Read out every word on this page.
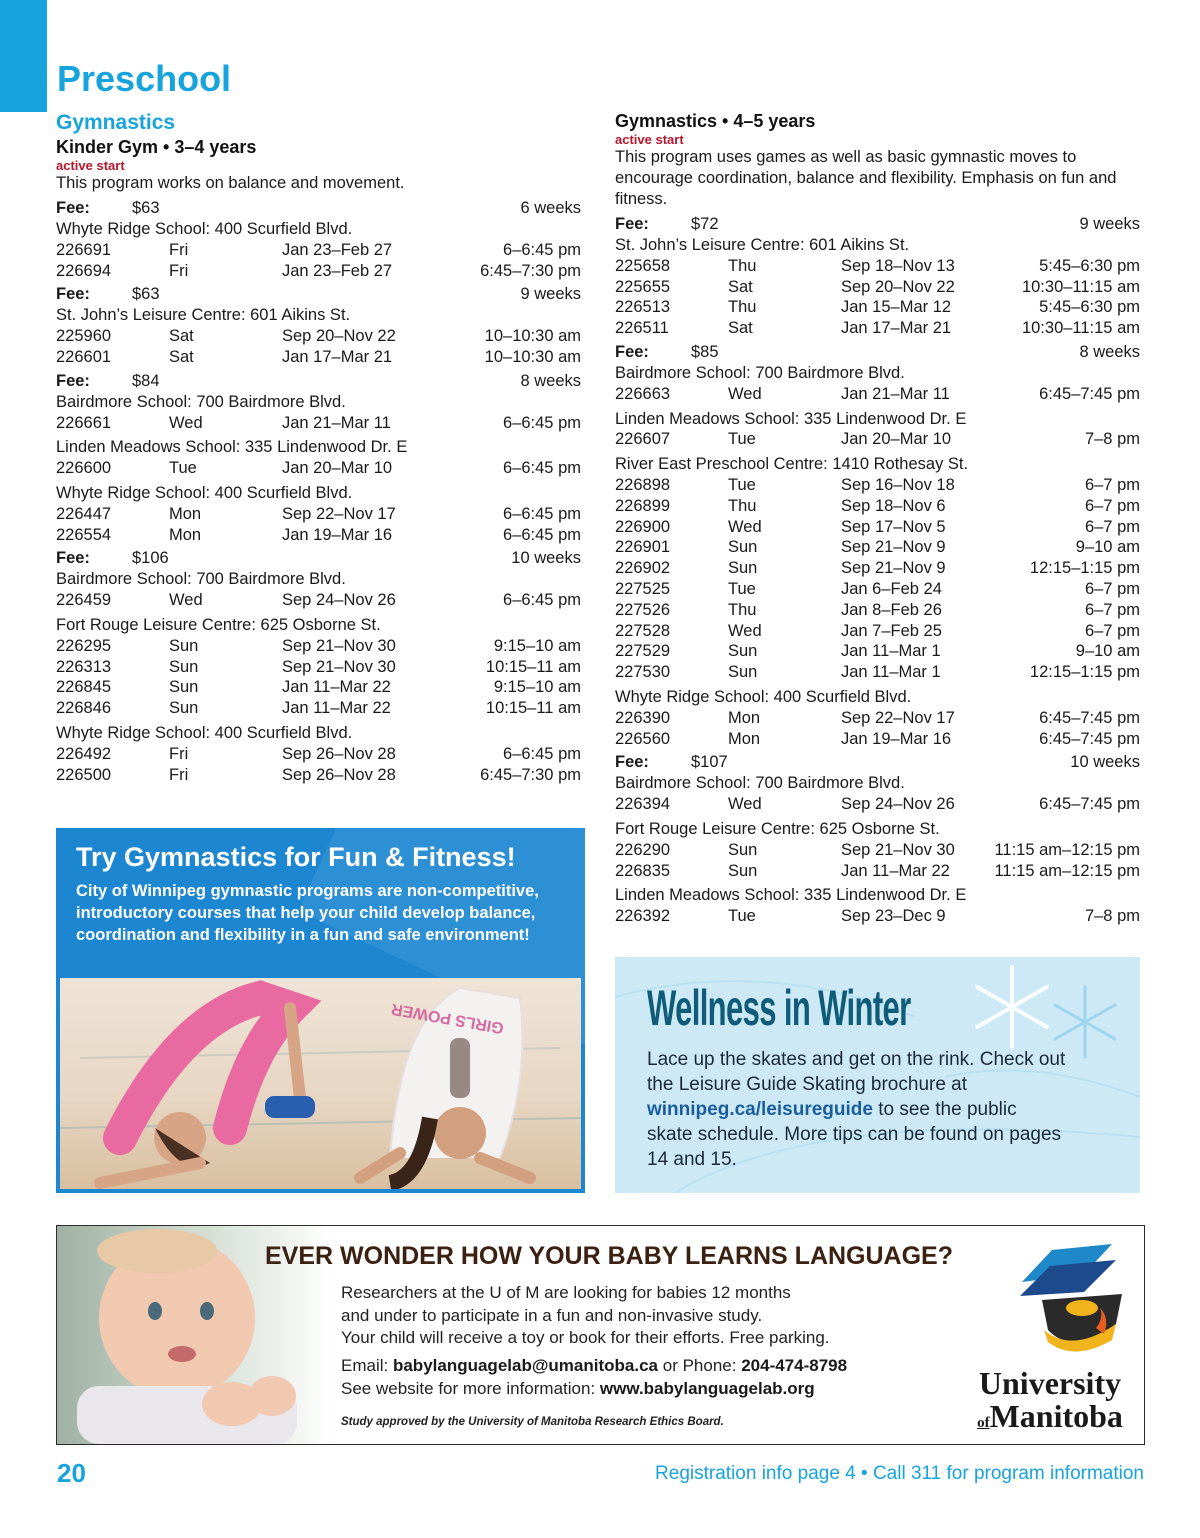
Preschool
Gymnastics
Kinder Gym • 3–4 years
active start
This program works on balance and movement.
Fee:	$63	6 weeks
Whyte Ridge School: 400 Scurfield Blvd.
226691	Fri	Jan 23–Feb 27	6–6:45 pm
226694	Fri	Jan 23–Feb 27	6:45–7:30 pm
Fee:	$63	9 weeks
St. John’s Leisure Centre: 601 Aikins St.
225960	Sat	Sep 20–Nov 22	10–10:30 am
226601	Sat	Jan 17–Mar 21	10–10:30 am
Fee:	$84	8 weeks
Bairdmore School: 700 Bairdmore Blvd.
226661	Wed	Jan 21–Mar 11	6–6:45 pm
Linden Meadows School: 335 Lindenwood Dr. E
226600	Tue	Jan 20–Mar 10	6–6:45 pm
Whyte Ridge School: 400 Scurfield Blvd.
226447	Mon	Sep 22–Nov 17	6–6:45 pm
226554	Mon	Jan 19–Mar 16	6–6:45 pm
Fee:	$106	10 weeks
Bairdmore School: 700 Bairdmore Blvd.
226459	Wed	Sep 24–Nov 26	6–6:45 pm
Fort Rouge Leisure Centre: 625 Osborne St.
226295	Sun	Sep 21–Nov 30	9:15–10 am
226313	Sun	Sep 21–Nov 30	10:15–11 am
226845	Sun	Jan 11–Mar 22	9:15–10 am
226846	Sun	Jan 11–Mar 22	10:15–11 am
Whyte Ridge School: 400 Scurfield Blvd.
226492	Fri	Sep 26–Nov 28	6–6:45 pm
226500	Fri	Sep 26–Nov 28	6:45–7:30 pm
Gymnastics • 4–5 years
active start
This program uses games as well as basic gymnastic moves to encourage coordination, balance and flexibility. Emphasis on fun and fitness.
Fee:	$72	9 weeks
St. John’s Leisure Centre: 601 Aikins St.
225658	Thu	Sep 18–Nov 13	5:45–6:30 pm
225655	Sat	Sep 20–Nov 22	10:30–11:15 am
226513	Thu	Jan 15–Mar 12	5:45–6:30 pm
226511	Sat	Jan 17–Mar 21	10:30–11:15 am
Fee:	$85	8 weeks
Bairdmore School: 700 Bairdmore Blvd.
226663	Wed	Jan 21–Mar 11	6:45–7:45 pm
Linden Meadows School: 335 Lindenwood Dr. E
226607	Tue	Jan 20–Mar 10	7–8 pm
River East Preschool Centre: 1410 Rothesay St.
226898	Tue	Sep 16–Nov 18	6–7 pm
226899	Thu	Sep 18–Nov 6	6–7 pm
226900	Wed	Sep 17–Nov 5	6–7 pm
226901	Sun	Sep 21–Nov 9	9–10 am
226902	Sun	Sep 21–Nov 9	12:15–1:15 pm
227525	Tue	Jan 6–Feb 24	6–7 pm
227526	Thu	Jan 8–Feb 26	6–7 pm
227528	Wed	Jan 7–Feb 25	6–7 pm
227529	Sun	Jan 11–Mar 1	9–10 am
227530	Sun	Jan 11–Mar 1	12:15–1:15 pm
Whyte Ridge School: 400 Scurfield Blvd.
226390	Mon	Sep 22–Nov 17	6:45–7:45 pm
226560	Mon	Jan 19–Mar 16	6:45–7:45 pm
Fee:	$107	10 weeks
Bairdmore School: 700 Bairdmore Blvd.
226394	Wed	Sep 24–Nov 26	6:45–7:45 pm
Fort Rouge Leisure Centre: 625 Osborne St.
226290	Sun	Sep 21–Nov 30 11:15 am–12:15 pm
226835	Sun	Jan 11–Mar 22	11:15 am–12:15 pm
Linden Meadows School: 335 Lindenwood Dr. E
226392	Tue	Sep 23–Dec 9	7–8 pm
Try Gymnastics for Fun & Fitness!

City of Winnipeg gymnastic programs are non-competitive, introductory courses that help your child develop balance, coordination and flexibility in a fun and safe environment!

GIRLS POWER	Wellness in Winter

Lace up the skates and get on the rink. Check out the Leisure Guide Skating brochure at winnipeg.ca/leisureguide to see the public skate schedule. More tips can be found on pages 14 and 15.

EVER WONDER HOW YOUR BABY LEARNS LANGUAGE?
Researchers at the U of M are looking for babies 12 months
and under to participate in a fun and non-invasive study.
Your child will receive a toy or book for their efforts. Free parking.
Email: babylanguagelab@umanitoba.ca or Phone: 204-474-8798
See website for more information: www.babylanguagelab.org
Study approved by the University of Manitoba Research Ethics Board.
University
ofManitoba
20	Registration info page 4 • Call 311 for program information
